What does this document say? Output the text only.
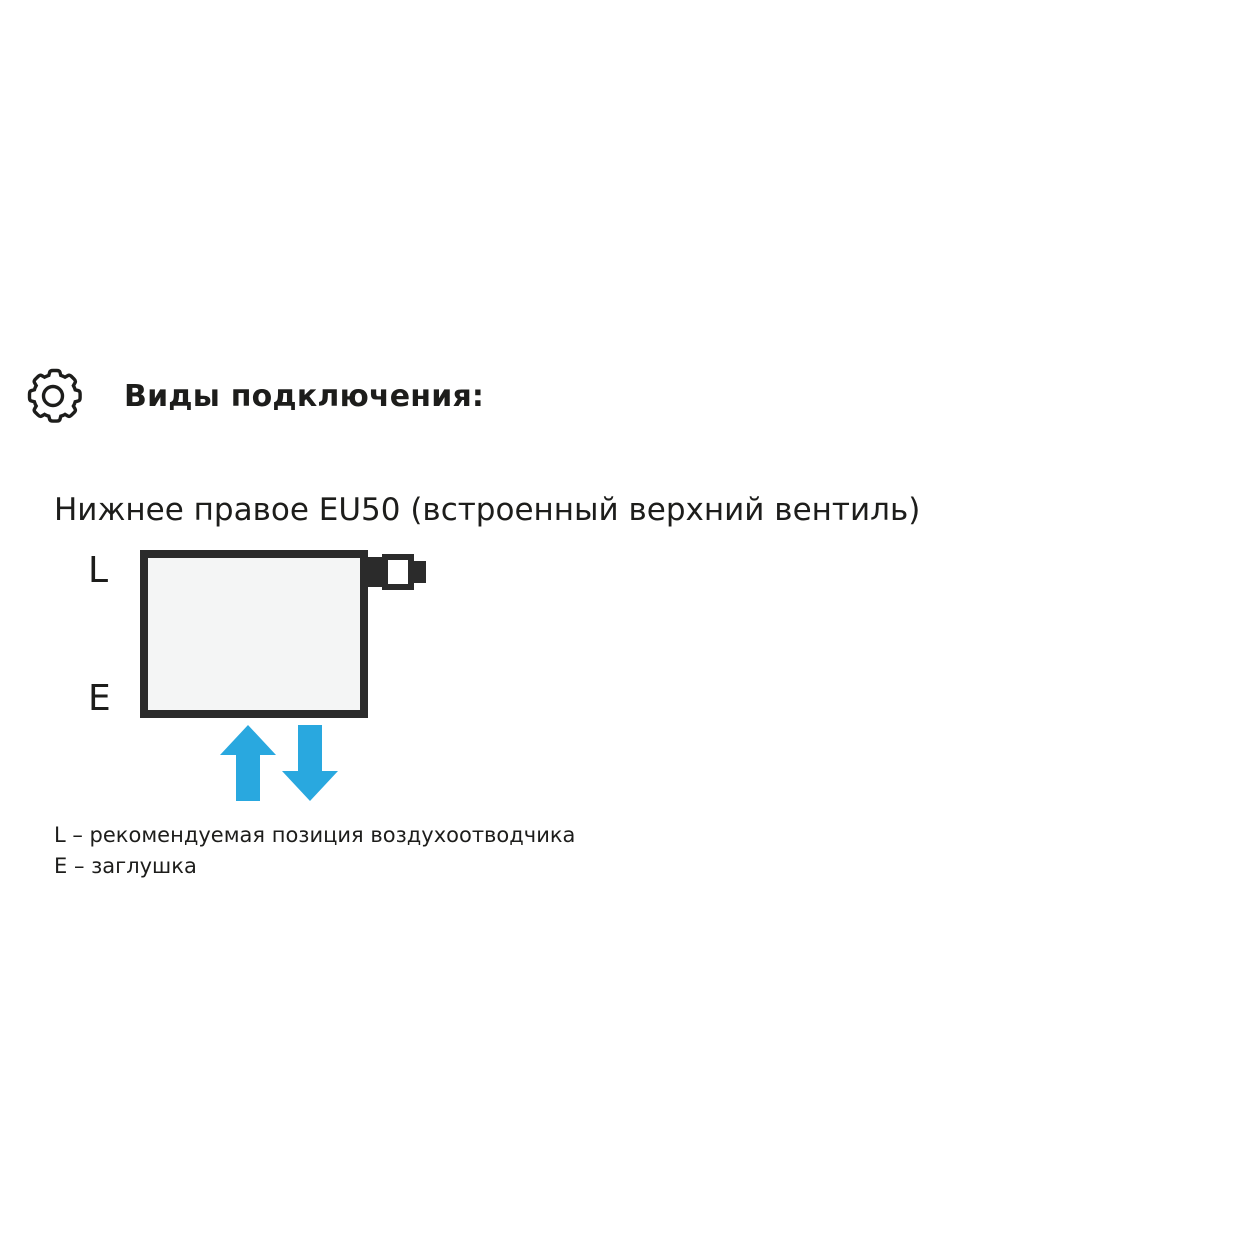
Виды подключения:
Нижнее правое EU50 (встроенный верхний вентиль)
L
E
L – рекомендуемая позиция воздухоотводчика
E – заглушка
